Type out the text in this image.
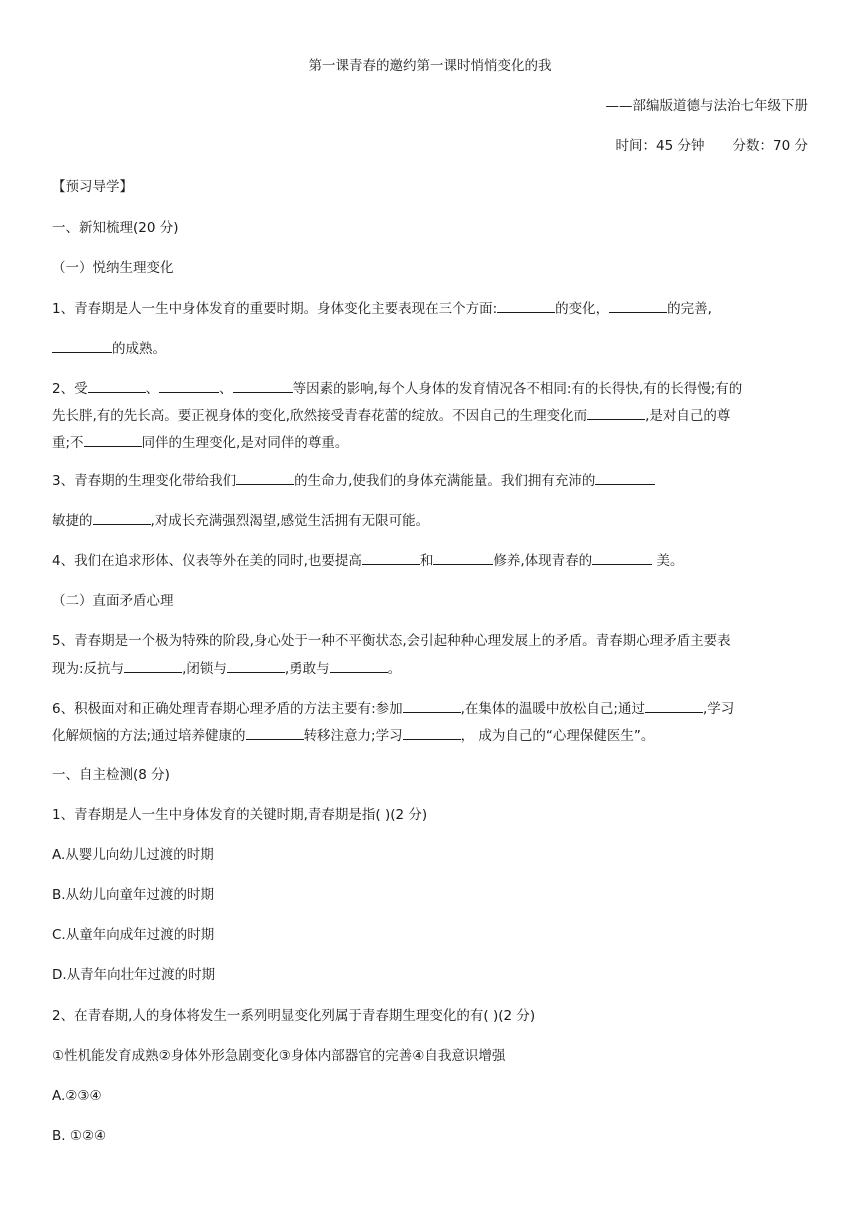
第一课青春的邀约第一课时悄悄变化的我
——部编版道德与法治七年级下册
时间：45 分钟 分数：70 分
【预习导学】
一、新知梳理(20 分)
（一）悦纳生理变化
1、青春期是人一生中身体发育的重要时期。身体变化主要表现在三个方面:	的变化，	的完善,
的成熟。
2、受	、	、	等因素的影响,每个人身体的发育情况各不相同:有的长得快,有的长得慢;有的
先长胖,有的先长高。要正视身体的变化,欣然接受青春花蕾的绽放。不因自己的生理变化而	,是对自己的尊
重;不	同伴的生理变化,是对同伴的尊重。
3、青春期的生理变化带给我们	的生命力,使我们的身体充满能量。我们拥有充沛的
敏捷的	,对成长充满强烈渴望,感觉生活拥有无限可能。
4、我们在追求形体、仪表等外在美的同时,也要提高	和	修养,体现青春的	美。
（二）直面矛盾心理
5、青春期是一个极为特殊的阶段,身心处于一种不平衡状态,会引起种种心理发展上的矛盾。青春期心理矛盾主要表
现为:反抗与	,闭锁与	,勇敢与	。
6、积极面对和正确处理青春期心理矛盾的方法主要有:参加	,在集体的温暖中放松自己;通过	,学习
化解烦恼的方法;通过培养健康的	转移注意力;学习	， 成为自己的“心理保健医生”。
一、自主检测(8 分)
1、青春期是人一生中身体发育的关键时期,青春期是指( )(2 分)
A.从婴儿向幼儿过渡的时期
B.从幼儿向童年过渡的时期
C.从童年向成年过渡的时期
D.从青年向壮年过渡的时期
2、在青春期,人的身体将发生一系列明显变化列属于青春期生理变化的有( )(2 分)
①性机能发育成熟②身体外形急剧变化③身体内部器官的完善④自我意识增强
A.②③④
B. ①②④
